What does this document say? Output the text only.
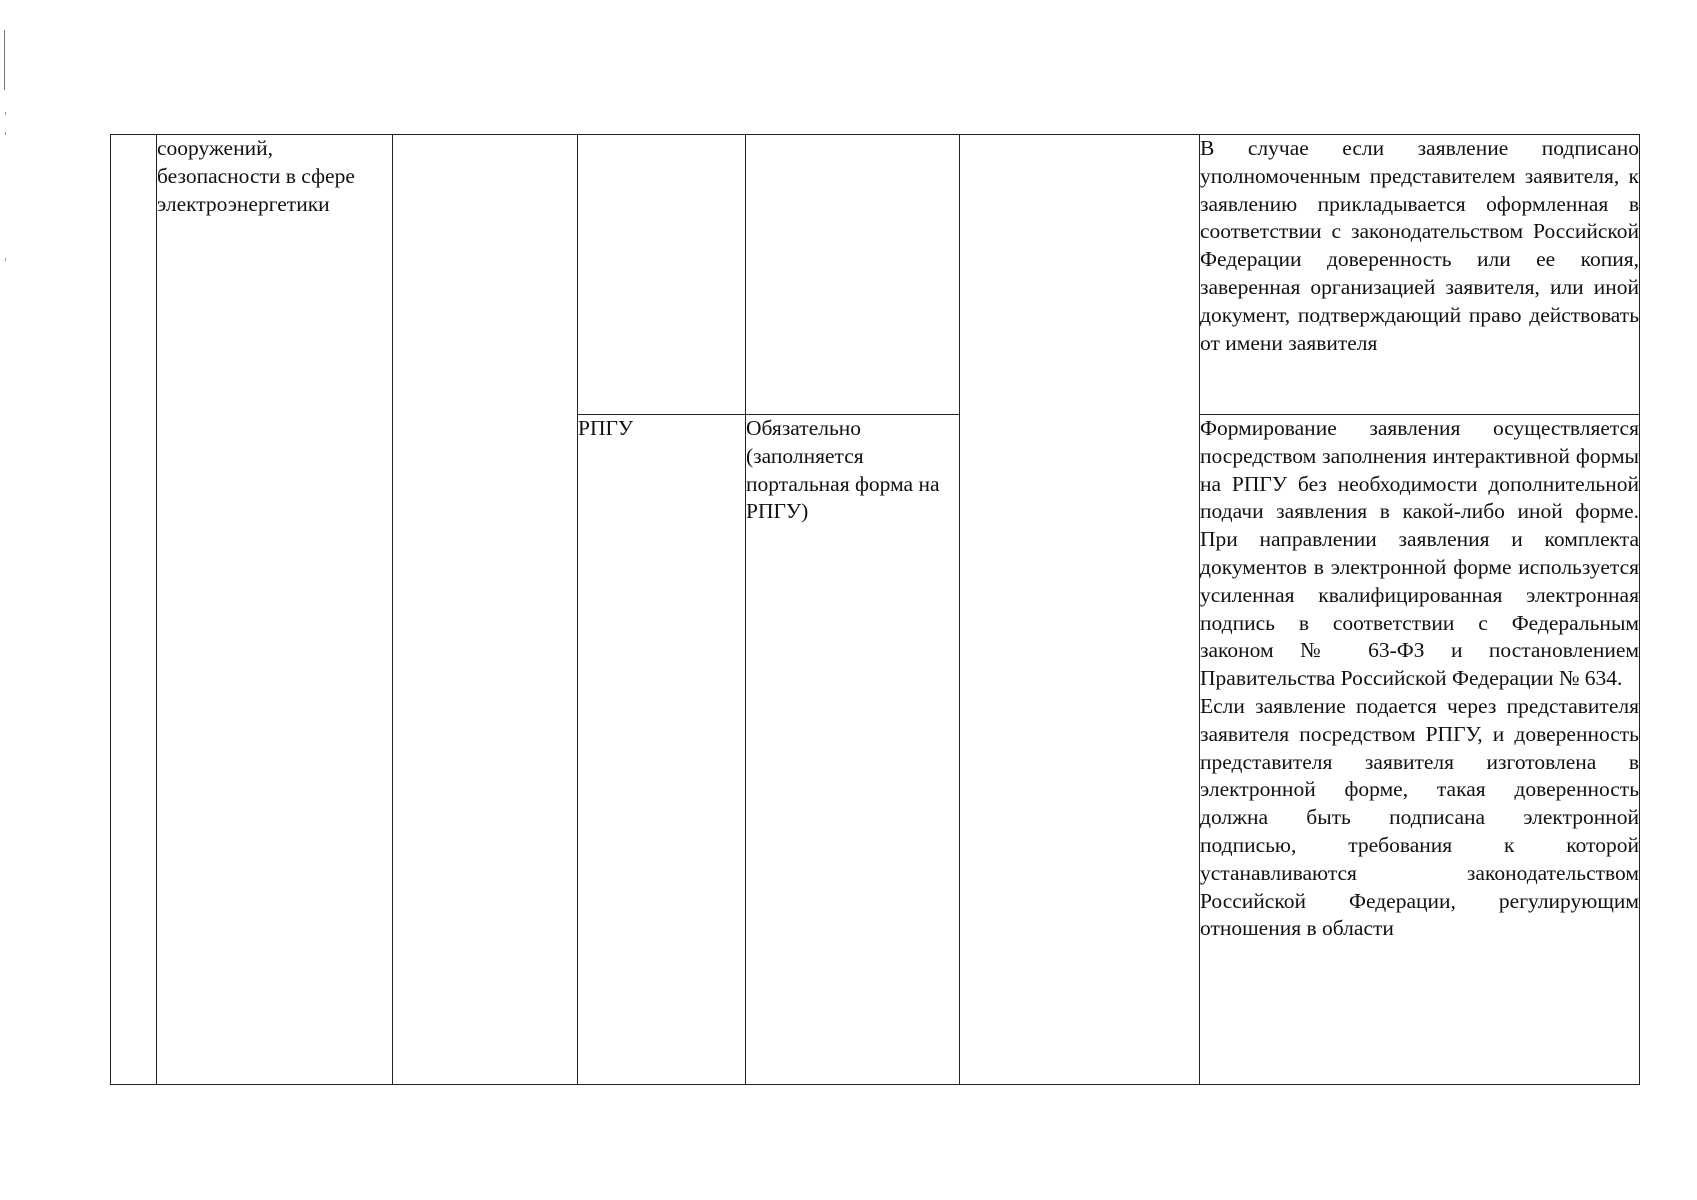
	сооружений, безопасности в сфере электроэнергетики					В случае если заявление подписано уполномоченным представителем заявителя, к заявлению прикладывается оформленная в соответствии с законодательством Российской Федерации доверенность или ее копия, заверенная организацией заявителя, или иной документ, подтверждающий право действовать от имени заявителя

			РПГУ	Обязательно (заполняется портальная форма на РПГУ)		Формирование заявления осуществляется посредством заполнения интерактивной формы на РПГУ без необходимости дополнительной подачи заявления в какой-либо иной форме. При направлении заявления и комплекта документов в электронной форме используется усиленная квалифицированная электронная подпись в соответствии с Федеральным законом № 63-ФЗ и постановлением Правительства Российской Федерации № 634.

Если заявление подается через представителя заявителя посредством РПГУ, и доверенность представителя заявителя изготовлена в электронной форме, такая доверенность должна быть подписана электронной подписью, требования к которой устанавливаются законодательством Российской Федерации, регулирующим отношения в области
